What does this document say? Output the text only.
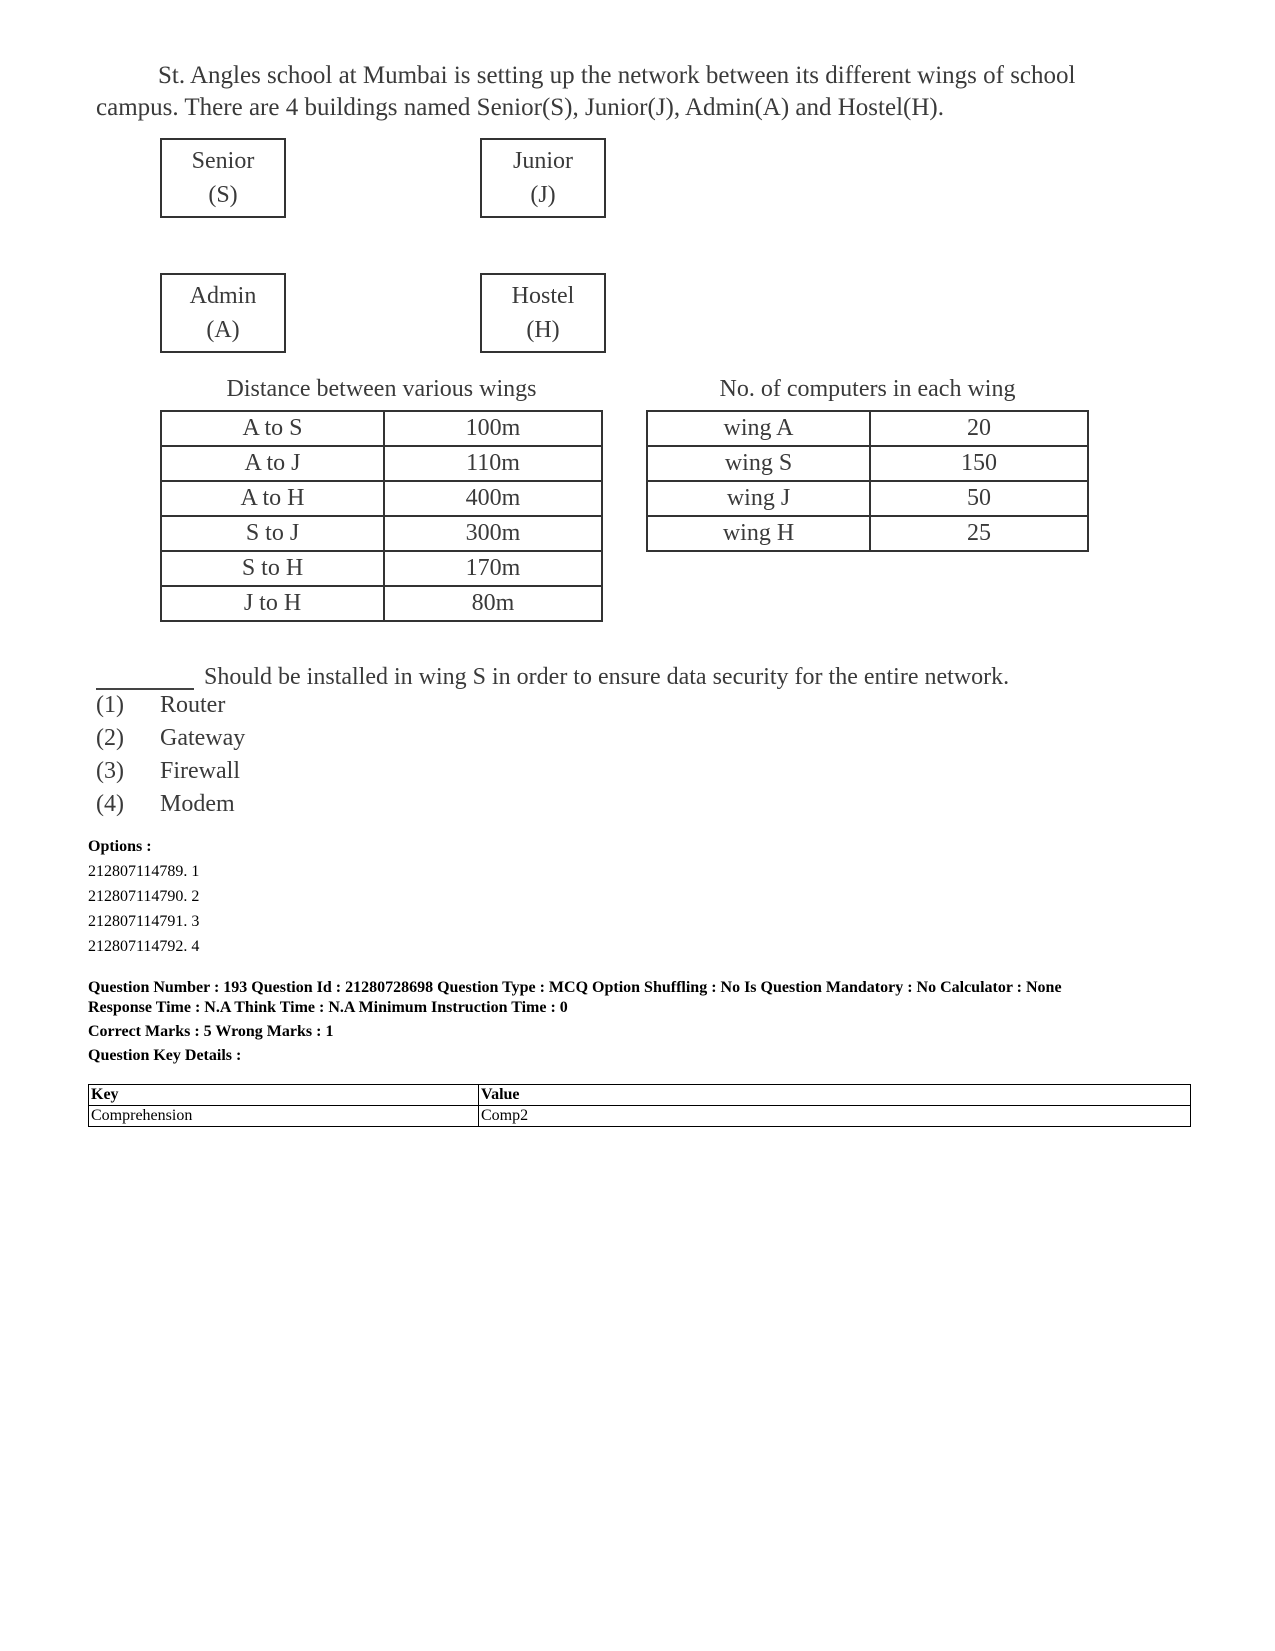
St. Angles school at Mumbai is setting up the network between its different wings of school

campus. There are 4 buildings named Senior(S), Junior(J), Admin(A) and Hostel(H).
Senior
(S)
Junior
(J)
Admin
(A)
Hostel
(H)
Distance between various wings
A to S	100m
A to J	110m
A to H	400m
S to J	300m
S to H	170m
J to H	80m
No. of computers in each wing
wing A	20
wing S	150
wing J	50
wing H	25
Should be installed in wing S in order to ensure data security for the entire network.
(1) Router
(2) Gateway
(3) Firewall
(4) Modem
Options :
212807114789. 1
212807114790. 2
212807114791. 3
212807114792. 4
Question Number : 193 Question Id : 21280728698 Question Type : MCQ Option Shuffling : No Is Question Mandatory : No Calculator : None
Response Time : N.A Think Time : N.A Minimum Instruction Time : 0
Correct Marks : 5 Wrong Marks : 1
Question Key Details :
Key	Value
Comprehension	Comp2
